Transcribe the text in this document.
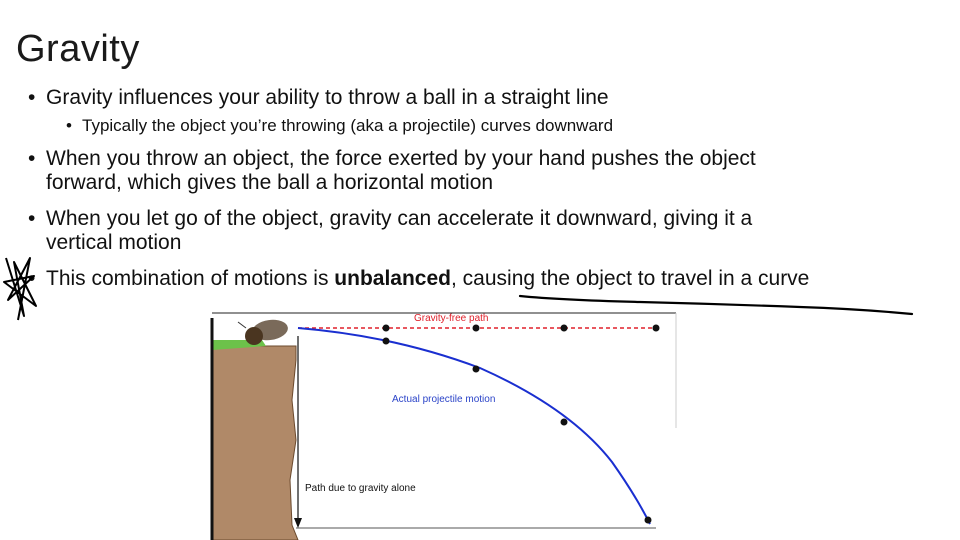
Gravity
• Gravity influences your ability to throw a ball in a straight line
• Typically the object you’re throwing (aka a projectile) curves downward
• When you throw an object, the force exerted by your hand pushes the object
forward, which gives the ball a horizontal motion
• When you let go of the object, gravity can accelerate it downward, giving it a
vertical motion
• This combination of motions is unbalanced, causing the object to travel in a curve
Gravity-free path
Actual projectile motion
Path due to gravity alone
